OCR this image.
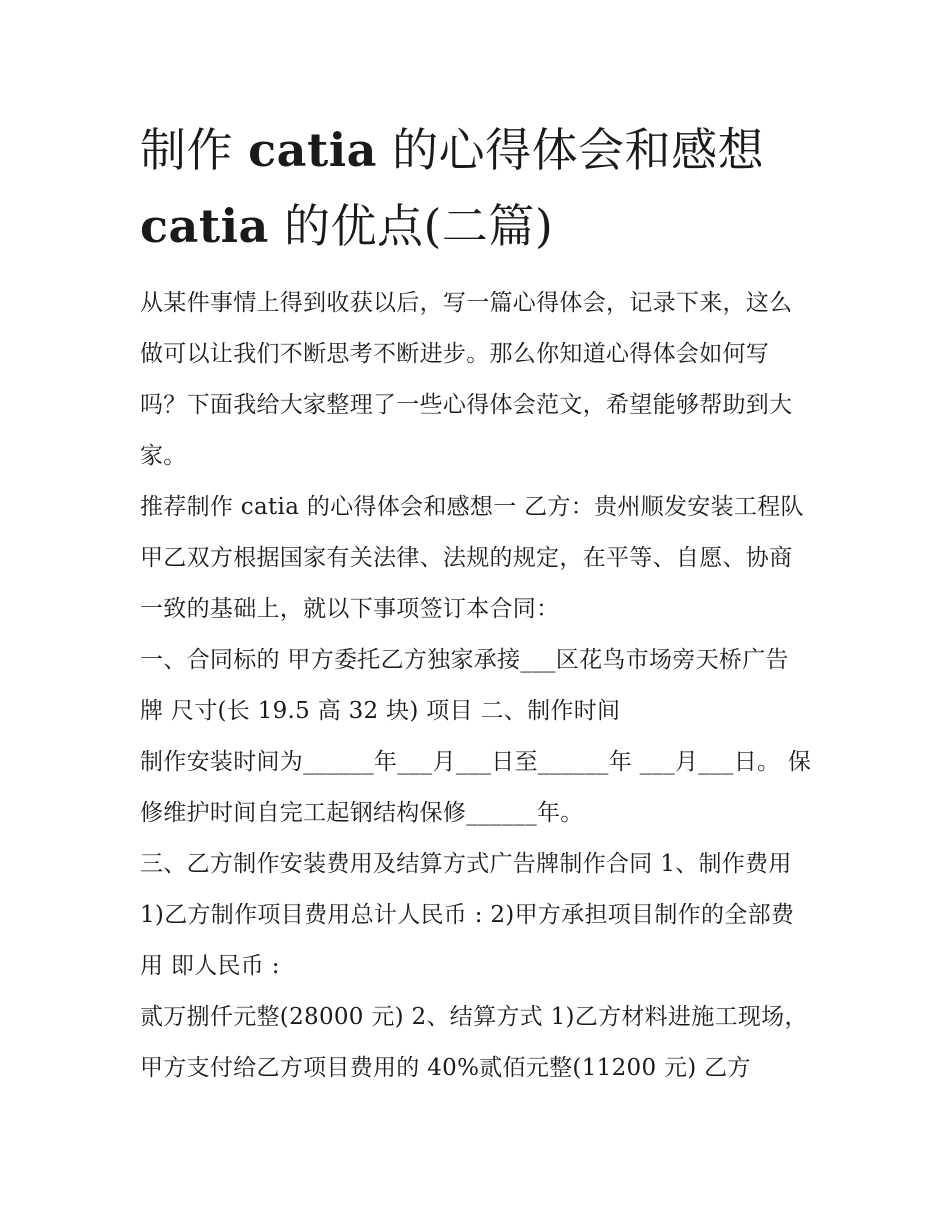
制作 catia 的心得体会和感想
catia 的优点(二篇)

从某件事情上得到收获以后，写一篇心得体会，记录下来，这么做可以让我们不断思考不断进步。那么你知道心得体会如何写吗？下面我给大家整理了一些心得体会范文，希望能够帮助到大家。

推荐制作 catia 的心得体会和感想一 乙方：贵州顺发安装工程队 甲乙双方根据国家有关法律、法规的规定，在平等、自愿、协商一致的基础上，就以下事项签订本合同：

一、合同标的 甲方委托乙方独家承接___区花鸟市场旁天桥广告牌 尺寸(长 19.5 高 32 块) 项目 二、制作时间

制作安装时间为______年___月___日至______年 ___月___日。 保修维护时间自完工起钢结构保修______年。

三、乙方制作安装费用及结算方式广告牌制作合同 1、制作费用 1)乙方制作项目费用总计人民币 : 2)甲方承担项目制作的全部费用 即人民币 :

贰万捌仟元整(28000 元) 2、结算方式 1)乙方材料进施工现场，甲方支付给乙方项目费用的 40%贰佰元整(11200 元) 乙方
